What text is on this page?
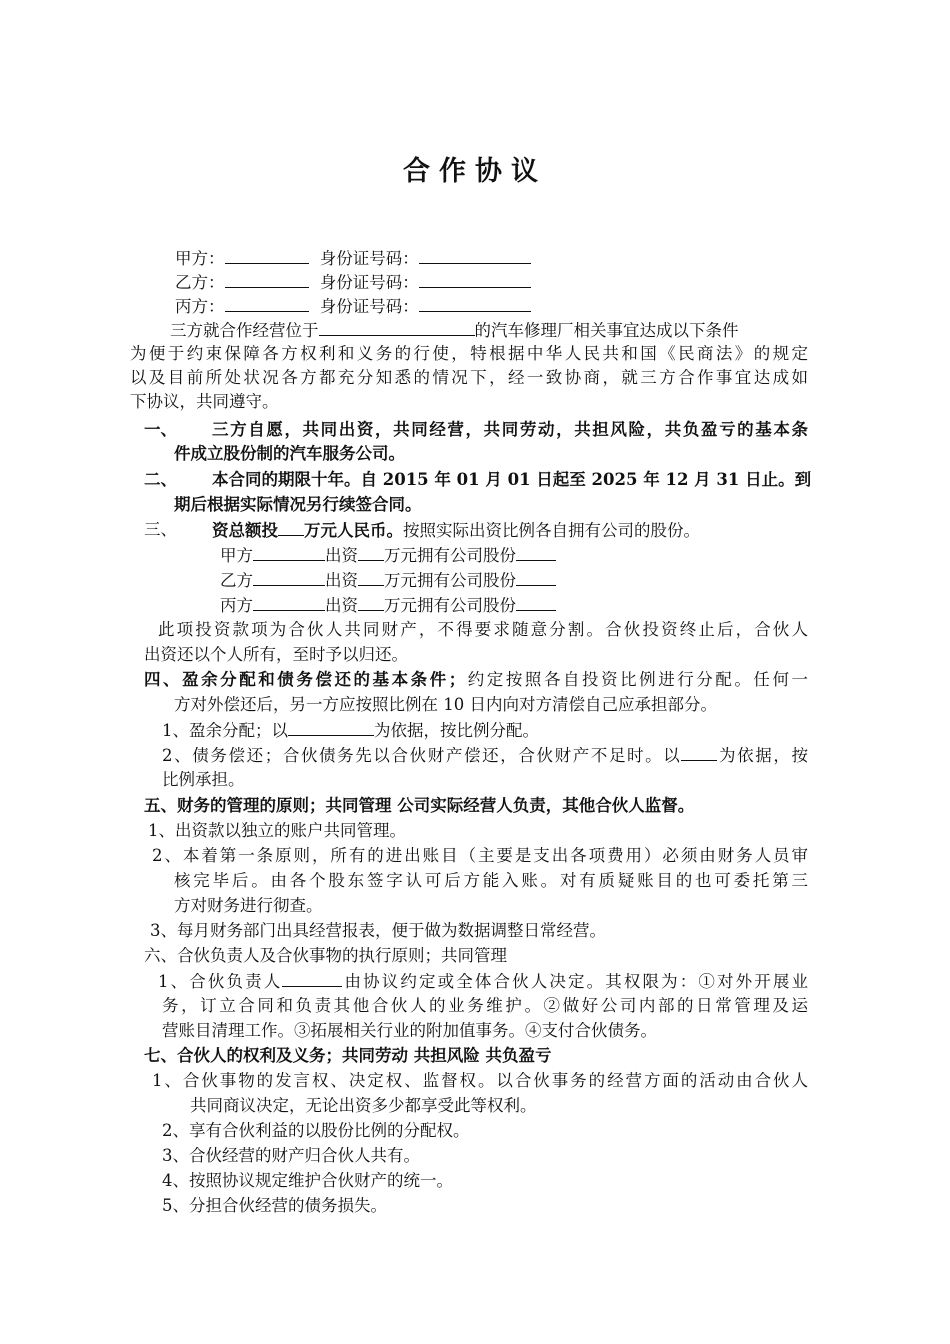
合作协议
甲方：	身份证号码：
乙方：	身份证号码：
丙方：	身份证号码：
三方就合作经营位于	的汽车修理厂相关事宜达成以下条件
为便于约束保障各方权利和义务的行使，特根据中华人民共和国《民商法》的规定
以及目前所处状况各方都充分知悉的情况下，经一致协商，就三方合作事宜达成如
下协议，共同遵守。
一、 三方自愿，共同出资，共同经营，共同劳动，共担风险，共负盈亏的基本条
件成立股份制的汽车服务公司。
二、 本合同的期限十年。自 2015 年 01 月 01 日起至 2025 年 12 月 31 日止。到
期后根据实际情况另行续签合同。
三、 资总额投 万元人民币。按照实际出资比例各自拥有公司的股份。
甲方	出资 万元拥有公司股份
乙方	出资 万元拥有公司股份
丙方	出资 万元拥有公司股份
此项投资款项为合伙人共同财产，不得要求随意分割。合伙投资终止后，合伙人
出资还以个人所有，至时予以归还。
四、盈余分配和债务偿还的基本条件；约定按照各自投资比例进行分配。任何一
方对外偿还后，另一方应按照比例在 10 日内向对方清偿自己应承担部分。
1、盈余分配；以	为依据，按比例分配。
2、债务偿还；合伙债务先以合伙财产偿还，合伙财产不足时。以 为依据，按
比例承担。
五、财务的管理的原则；共同管理 公司实际经营人负责，其他合伙人监督。
1、出资款以独立的账户共同管理。
2、本着第一条原则，所有的进出账目（主要是支出各项费用）必须由财务人员审
核完毕后。由各个股东签字认可后方能入账。对有质疑账目的也可委托第三
方对财务进行彻查。
3、每月财务部门出具经营报表，便于做为数据调整日常经营。
六、合伙负责人及合伙事物的执行原则；共同管理
1、合伙负责人	由协议约定或全体合伙人决定。其权限为：①对外开展业
务，订立合同和负责其他合伙人的业务维护。②做好公司内部的日常管理及运
营账目清理工作。③拓展相关行业的附加值事务。④支付合伙债务。
七、合伙人的权利及义务；共同劳动 共担风险 共负盈亏
1、合伙事物的发言权、决定权、监督权。以合伙事务的经营方面的活动由合伙人
共同商议决定，无论出资多少都享受此等权利。
2、享有合伙利益的以股份比例的分配权。
3、合伙经营的财产归合伙人共有。
4、按照协议规定维护合伙财产的统一。
5、分担合伙经营的债务损失。
